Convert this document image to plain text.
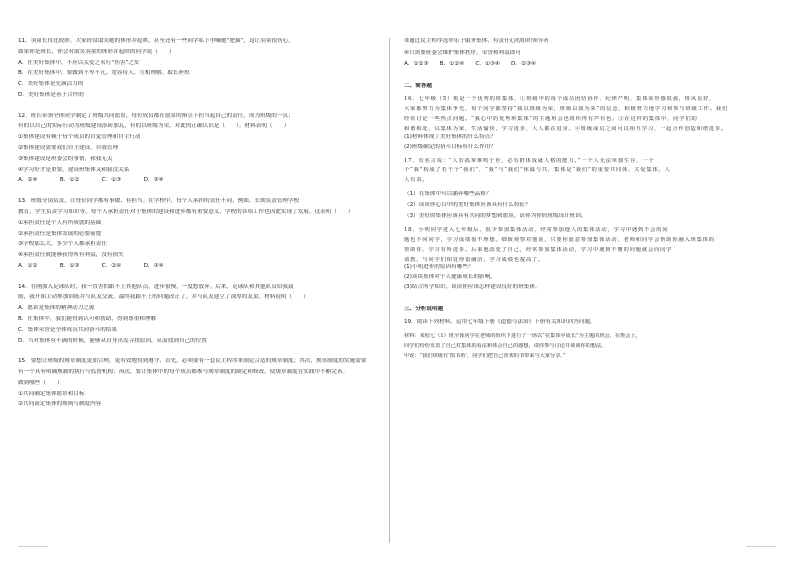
11．羽童长得比较胖，大家经常取笑她的体形并起哄，甚至还有一些同学私下里喊她“肥猫”，这让羽童很伤心。
如果你是班长，你会对取笑羽童的体形并起哄的同学说（　　）
A．在美好集体中，不应以关爱之名行“伤害”之实
B．在美好集体中，要做到不卑不亢、宽容待人、互相理解、取长补短
C．美好集体是充满活力的
D．美好集体是善于合作的
12．班长带领全体同学制定了班级共同愿景，每位成员都在愿景的指引下担当起自己的责任，成为班级的一员；
有的以自己的实际行动为班级建设添砖加瓦，有的以班级为荣。对此的正确认识是（　　）。材料表明（　　）
①集体建设有赖于每个成员的自觉管理和自主行动
②集体建设需要我们自主建设、自我管理
③集体建设是班委会的事情，和我无关
④学习好才是重要，建设班集体又和我没关系
A．②④　　　　B．①②　　　　C．①③　　　　D．③④
13．班级分岗负责，让每位同学都有事做、有担当。在学校中，每个人承担的责任不同。例如，长期负责管理学校
教育，学生负责学习知识等。每个人承担责任对于集体的建设和进步都有重要意义，学校的各项工作也因此实现了发展。这表明（　　）
①承担责任是个人有所成就的基础
②承担责任是集体发展的必要前提
③学校那么大，多少个人都承担责任
④承担责任就能够获得所有利益，没有损失
A．①②　　　　B．①③　　　　C．②④　　　　D．③④
14．在刚加入足球队时，我一直害怕跟不上其他队员，进步很慢，一度想放弃。后来，足球队和其他队员给我鼓
励，我开始主动参加训练并与队友交流，最终我跟不上的问题改正了，并与队友建立了深厚的友谊。材料说明（　　）
A．愿景是集体的精神动力之源
B．在集体中，我们能得到认可和帮助，得到尊重和理解
C．集体荣誉是全体成员共同奋斗的结果
D．当对集体有不满的时候，能够从自身出发寻找原因，从而找到自己的位置
15．要想让班级的规章制度更加合理，更有效地得到遵守，首先，必须要有一套民主程序来制定合适的规章制度；其次，规章制度的实施需要
有一个具有明确规制的执行与监督机构；再次，要让集体中的每个成员都参与规章制度的制定和修改，使规章制度在实践中不断完善。
做到哪些（　　）
①共同确定集体愿景和目标
②共同商定集体的规则与制度内容
③通过民主程序选举乐于服务集体、有责任心的组织领导者
④只需要班委会维护集体秩序，荣誉和利益即可
A．①②③　　B．①②④　　C．①③④　　D．②③④
二、简答题
16．七年级（5）班是一个优秀的班集体，①班级中的每个成员团结协作、纪律严明、集体荣誉感很强，班风良好，
大家都努力为集体争光，每个同学都坚持“我以班级为荣，班级以我为荣”的信念，积极努力地学习和参与班级工作。我们
经常讨论一些热点问题。“我心中的优秀班集体”的主题班会也组织得有声有色。③在这样的集体中，同学们的
和谐相处，以集体为家，生活愉快，学习进步，人人都在进步。④班级成员之间可以相互学习，一起合作创造和谐进步。
(1)材料体现了美好集体的什么特点？
(2)班级确定的奋斗目标有什么作用？
17．有名言说：“人若孤掌难鸣于世，必有群体成就人格的能力。”一个人无法单独生存，一个
个“我”构成了若干个“我们”，“我”与“我们”休戚与共，集体是“我们”的重要共同体，关爱集体，人
人有责。
（1）在集体中可以涵养哪些品格？
（2）谈谈你心目中的美好集体应该具有什么特征？
（3）美好的集体应该具有共同的梦想和愿景，请你为你的班级设计班训。
18．小明同学进入七年级后，很少参加集体活动，经常参加他人的集体活动，学习中遇到不会的问
题也不问同学，学习成绩很不理想。细致观察对他说，只要你愿意参加集体活动，老师和同学会帮助你融入班集体的
帮助你，学习有所进步。后来他改变了自己，经常参加集体活动，学习中遇到不懂的问题就会向同学
请教，与同学们相处得很融洽，学习成绩也提高了。
(1)小明进步的原因有哪些？
(2)谈谈集体对个人健康成长的影响。
(3)结合所学知识，谈谈你应该怎样建设良好的班集体。
三、分析说明题
19．阅读下列材料，运用七年级下册《道德与法治》下册有关知识回答问题。
材料：某校七（1）班全体同学在老师的组织下进行了一场以“在集体中成长”为主题的班会，在班会上，
同学们纷纷发表了自己对集体的看法和体会自己的感想，请你参与讨论并谈谈你的想法。
甲说：“我们班级有‘图书角’，同学们把自己喜欢的书带来与大家分享。”
